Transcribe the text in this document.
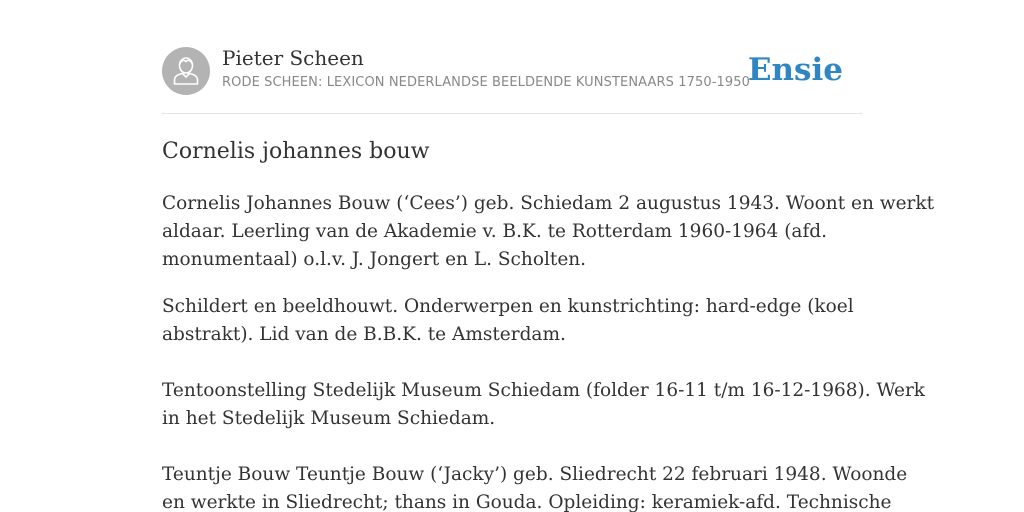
Pieter Scheen
RODE SCHEEN: LEXICON NEDERLANDSE BEELDENDE KUNSTENAARS 1750-1950
Ensie
Cornelis johannes bouw

Cornelis Johannes Bouw (‘Cees’) geb. Schiedam 2 augustus 1943. Woont en werkt
aldaar. Leerling van de Akademie v. B.K. te Rotterdam 1960-1964 (afd.
monumentaal) o.l.v. J. Jongert en L. Scholten.

Schildert en beeldhouwt. Onderwerpen en kunstrichting: hard-edge (koel
abstrakt). Lid van de B.B.K. te Amsterdam.

Tentoonstelling Stedelijk Museum Schiedam (folder 16-11 t/m 16-12-1968). Werk
in het Stedelijk Museum Schiedam.

Teuntje Bouw Teuntje Bouw (‘Jacky’) geb. Sliedrecht 22 februari 1948. Woonde
en werkte in Sliedrecht; thans in Gouda. Opleiding: keramiek-afd. Technische
